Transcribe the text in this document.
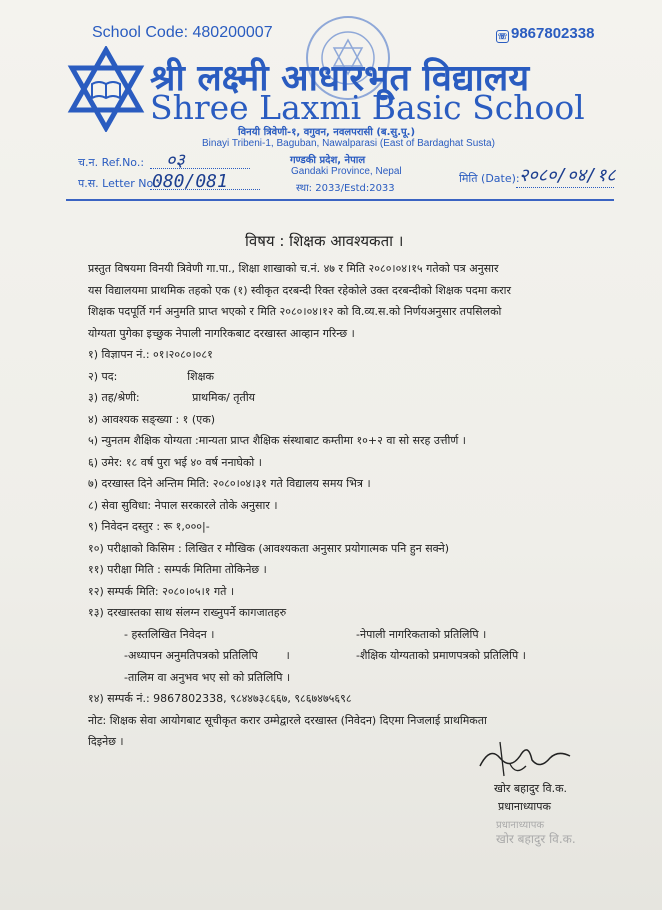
School Code: 480200007	☏ 9867802338
श्री लक्ष्मी आधारभूत विद्यालय
Shree Laxmi Basic School
विनयी त्रिवेणी-१, वगुवन, नवलपरासी (ब.सु.पू.)
Binayi Tribeni-1, Baguban, Nawalparasi (East of Bardaghat Susta)
गण्डकी प्रदेश, नेपाल
Gandaki Province, Nepal
स्था: 2033/Estd:2033
च.न. Ref.No.: ०३
प.स. Letter No.:
080/081	मिति (Date): २०८०/०४/१८
विषय : शिक्षक आवश्यकता ।
प्रस्तुत विषयमा विनयी त्रिवेणी गा.पा., शिक्षा शाखाको च.नं. ४७ र मिति २०८०।०४।१५ गतेको पत्र अनुसार
यस विद्यालयमा प्राथमिक तहको एक (१) स्वीकृत दरबन्दी रिक्त रहेकोले उक्त दरबन्दीको शिक्षक पदमा करार
शिक्षक पदपूर्ति गर्न अनुमति प्राप्त भएको र मिति २०८०।०४।१२ को वि.व्य.स.को निर्णयअनुसार तपसिलको
योग्यता पुगेका इच्छुक नेपाली नागरिकबाट दरखास्त आव्हान गरिन्छ ।
१) विज्ञापन नं.: ०१।२०८०।०८१
२) पद:                    शिक्षक
३) तह/श्रेणी:               प्राथमिक/ तृतीय
४) आवश्यक सङ्ख्या : १ (एक)
५) न्युनतम शैक्षिक योग्यता :मान्यता प्राप्त शैक्षिक संस्थाबाट कम्तीमा १०+२ वा सो सरह उत्तीर्ण ।
६) उमेर: १८ वर्ष पुरा भई ४० वर्ष ननाघेको ।
७) दरखास्त दिने अन्तिम मिति: २०८०।०४।३१ गते विद्यालय समय भित्र ।
८) सेवा सुविधा: नेपाल सरकारले तोके अनुसार ।
९) निवेदन दस्तुर : रू १,०००|-
१०) परीक्षाको किसिम : लिखित र मौखिक (आवश्यकता अनुसार प्रयोगात्मक पनि हुन सक्ने)
११) परीक्षा मिति : सम्पर्क मितिमा तोकिनेछ ।
१२) सम्पर्क मिति: २०८०।०५।१ गते ।
१३) दरखास्तका साथ संलग्न राख्नुपर्ने कागजातहरु
- हस्तलिखित निवेदन ।	-नेपाली नागरिकताको प्रतिलिपि ।
-अध्यापन अनुमतिपत्रको प्रतिलिपि        ।	-शैक्षिक योग्यताको प्रमाणपत्रको प्रतिलिपि ।
-तालिम वा अनुभव भए सो को प्रतिलिपि ।
१४) सम्पर्क नं.: 9867802338, ९८४४७३८६६७, ९८६७४७५६९८
नोट: शिक्षक सेवा आयोगबाट सूचीकृत करार उम्मेद्वारले दरखास्त (निवेदन) दिएमा निजलाई प्राथमिकता
दिइनेछ ।
खोर बहादुर वि.क.
प्रधानाध्यापक
प्रधानाध्यापक
खोर बहादुर वि.क.
